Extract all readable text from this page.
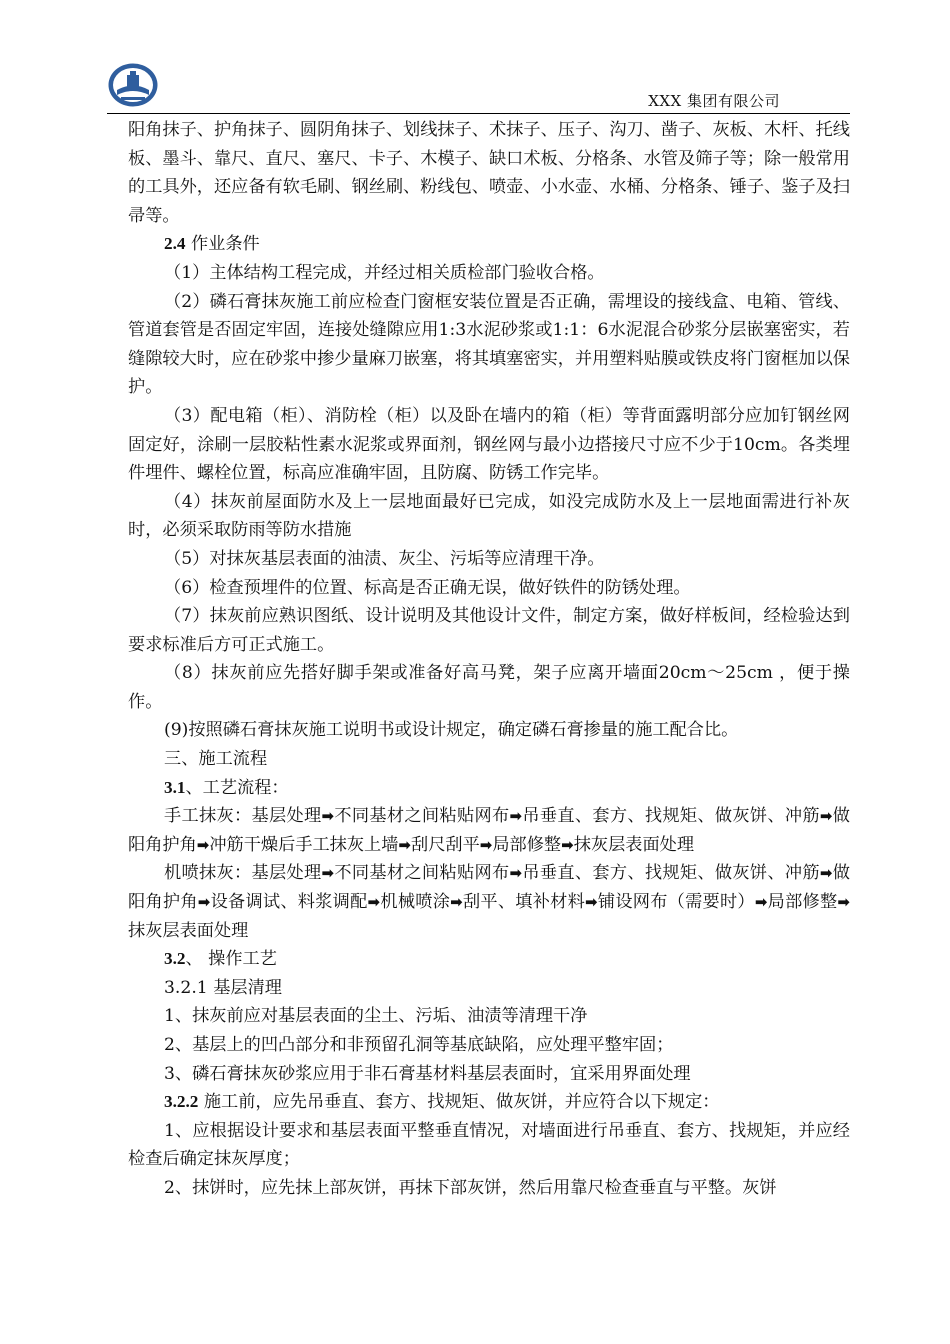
XXX 集团有限公司

阳角抹子、护角抹子、圆阴角抹子、划线抹子、术抹子、压子、沟刀、凿子、灰板、木杆、托线板、墨斗、靠尺、直尺、塞尺、卡子、木模子、缺口术板、分格条、水管及筛子等；除一般常用的工具外，还应备有软毛刷、钢丝刷、粉线包、喷壶、小水壶、水桶、分格条、锤子、鉴子及扫帚等。

2.4 作业条件

（1）主体结构工程完成，并经过相关质检部门验收合格。

（2）磷石膏抹灰施工前应检查门窗框安装位置是否正确，需埋设的接线盒、电箱、管线、管道套管是否固定牢固，连接处缝隙应用1:3水泥砂浆或1:1：6水泥混合砂浆分层嵌塞密实，若缝隙较大时，应在砂浆中掺少量麻刀嵌塞，将其填塞密实，并用塑料贴膜或铁皮将门窗框加以保护。

（3）配电箱（柜）、消防栓（柜）以及卧在墙内的箱（柜）等背面露明部分应加钉钢丝网固定好，涂刷一层胶粘性素水泥浆或界面剂，钢丝网与最小边搭接尺寸应不少于10cm。各类埋件埋件、螺栓位置，标高应准确牢固，且防腐、防锈工作完毕。

（4）抹灰前屋面防水及上一层地面最好已完成，如没完成防水及上一层地面需进行补灰时，必须采取防雨等防水措施

（5）对抹灰基层表面的油渍、灰尘、污垢等应清理干净。

（6）检查预埋件的位置、标高是否正确无误，做好铁件的防锈处理。

（7）抹灰前应熟识图纸、设计说明及其他设计文件，制定方案，做好样板间，经检验达到要求标准后方可正式施工。

（8）抹灰前应先搭好脚手架或准备好高马凳，架子应离开墙面20cm～25cm ，便于操作。

(9)按照磷石膏抹灰施工说明书或设计规定，确定磷石膏掺量的施工配合比。

三、施工流程

3.1、工艺流程：

手工抹灰：基层处理➡不同基材之间粘贴网布➡吊垂直、套方、找规矩、做灰饼、冲筋➡做阳角护角➡冲筋干燥后手工抹灰上墙➡刮尺刮平➡局部修整➡抹灰层表面处理

机喷抹灰：基层处理➡不同基材之间粘贴网布➡吊垂直、套方、找规矩、做灰饼、冲筋➡做阳角护角➡设备调试、料浆调配➡机械喷涂➡刮平、填补材料➡铺设网布（需要时）➡局部修整➡抹灰层表面处理

3.2、 操作工艺

3.2.1 基层清理

1、抹灰前应对基层表面的尘土、污垢、油渍等清理干净

2、基层上的凹凸部分和非预留孔洞等基底缺陷，应处理平整牢固；

3、磷石膏抹灰砂浆应用于非石膏基材料基层表面时，宜采用界面处理

3.2.2 施工前，应先吊垂直、套方、找规矩、做灰饼，并应符合以下规定：

1、应根据设计要求和基层表面平整垂直情况，对墙面进行吊垂直、套方、找规矩，并应经检查后确定抹灰厚度；

2、抹饼时，应先抹上部灰饼，再抹下部灰饼，然后用靠尺检查垂直与平整。灰饼
